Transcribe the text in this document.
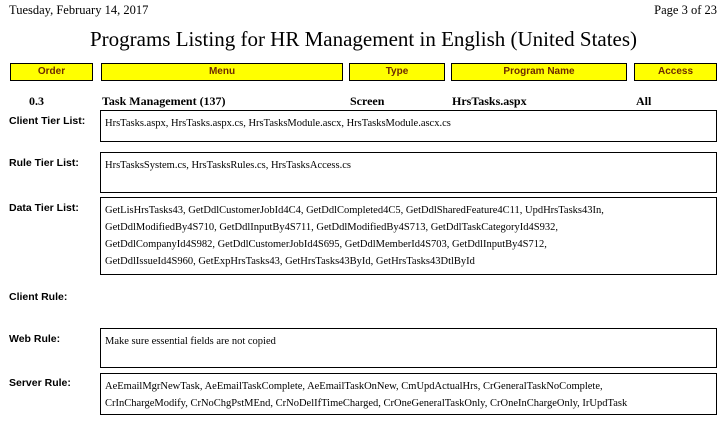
Tuesday, February 14, 2017	Page 3 of 23
Programs Listing for HR Management in English (United States)
Order	Menu	Type	Program Name	Access
0.3	Task Management (137)	Screen	HrsTasks.aspx	All
Client Tier List: HrsTasks.aspx, HrsTasks.aspx.cs, HrsTasksModule.ascx, HrsTasksModule.ascx.cs
Rule Tier List: HrsTasksSystem.cs, HrsTasksRules.cs, HrsTasksAccess.cs
Data Tier List: GetLisHrsTasks43, GetDdlCustomerJobId4C4, GetDdlCompleted4C5, GetDdlSharedFeature4C11, UpdHrsTasks43In,
GetDdlModifiedBy4S710, GetDdlInputBy4S711, GetDdlModifiedBy4S713, GetDdlTaskCategoryId4S932,
GetDdlCompanyId4S982, GetDdlCustomerJobId4S695, GetDdlMemberId4S703, GetDdlInputBy4S712,
GetDdlIssueId4S960, GetExpHrsTasks43, GetHrsTasks43ById, GetHrsTasks43DtlById
Client Rule:
Web Rule:	Make sure essential fields are not copied
Server Rule:	AeEmailMgrNewTask, AeEmailTaskComplete, AeEmailTaskOnNew, CmUpdActualHrs, CrGeneralTaskNoComplete,
CrInChargeModify, CrNoChgPstMEnd, CrNoDelIfTimeCharged, CrOneGeneralTaskOnly, CrOneInChargeOnly, IrUpdTask
